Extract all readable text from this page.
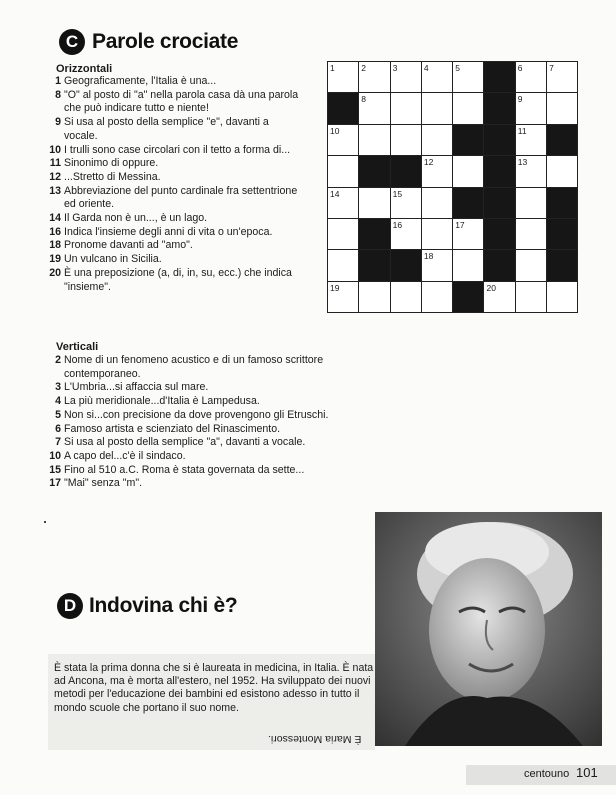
C Parole crociate
Orizzontali
1 Geograficamente, l'Italia è una...
8 "O" al posto di "a" nella parola casa dà una parola che può indicare tutto e niente!
9 Si usa al posto della semplice "e", davanti a vocale.
10 I trulli sono case circolari con il tetto a forma di...
11 Sinonimo di oppure.
12 ...Stretto di Messina.
13 Abbreviazione del punto cardinale fra settentrione ed oriente.
14 Il Garda non è un..., è un lago.
16 Indica l'insieme degli anni di vita o un'epoca.
18 Pronome davanti ad "amo".
19 Un vulcano in Sicilia.
20 È una preposizione (a, di, in, su, ecc.) che indica "insieme".
1	2	3	4	5		6	7

	8					9	

10						11	

			12			13	

14		15					

		16		17			

			18				

19					20		

Verticali
2 Nome di un fenomeno acustico e di un famoso scrittore contemporaneo.
3 L'Umbria...si affaccia sul mare.
4 La più meridionale...d'Italia è Lampedusa.
5 Non si...con precisione da dove provengono gli Etruschi.
6 Famoso artista e scienziato del Rinascimento.
7 Si usa al posto della semplice "a", davanti a vocale.
10 A capo del...c'è il sindaco.
15 Fino al 510 a.C. Roma è stata governata da sette...
17 "Mai" senza "m".
D Indovina chi è?

È stata la prima donna che si è laureata in medicina, in Italia. È nata ad Ancona, ma è morta all'estero, nel 1952. Ha sviluppato dei nuovi metodi per l'educazione dei bambini ed esistono adesso in tutto il mondo scuole che portano il suo nome.

È Maria Montessori.
centouno 101
